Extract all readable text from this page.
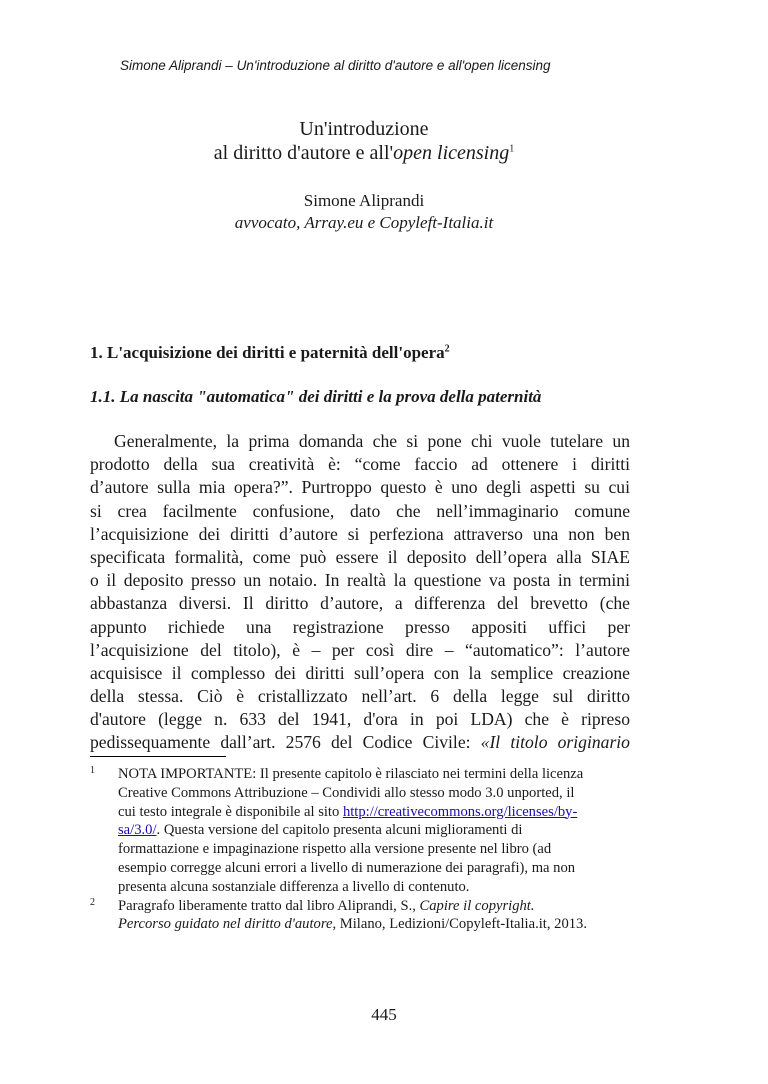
Simone Aliprandi – Un'introduzione al diritto d'autore e all'open licensing
Un'introduzione
al diritto d'autore e all'open licensing$^1$
Simone Aliprandi
avvocato, Array.eu e Copyleft-Italia.it
1. L'acquisizione dei diritti e paternità dell'opera$^2$
1.1. La nascita "automatica" dei diritti e la prova della paternità
Generalmente, la prima domanda che si pone chi vuole tutelare un
prodotto della sua creatività è: “come faccio ad ottenere i diritti
d’autore sulla mia opera?”. Purtroppo questo è uno degli aspetti su cui
si crea facilmente confusione, dato che nell’immaginario comune
l’acquisizione dei diritti d’autore si perfeziona attraverso una non ben
specificata formalità, come può essere il deposito dell’opera alla SIAE
o il deposito presso un notaio. In realtà la questione va posta in termini
abbastanza diversi. Il diritto d’autore, a differenza del brevetto (che
appunto richiede una registrazione presso appositi uffici per
l’acquisizione del titolo), è – per così dire – “automatico”: l’autore
acquisisce il complesso dei diritti sull’opera con la semplice creazione
della stessa. Ciò è cristallizzato nell’art. 6 della legge sul diritto
d'autore (legge n. 633 del 1941, d'ora in poi LDA) che è ripreso
pedissequamente dall’art. 2576 del Codice Civile: «Il titolo originario
1 NOTA IMPORTANTE: Il presente capitolo è rilasciato nei termini della licenza
Creative Commons Attribuzione – Condividi allo stesso modo 3.0 unported, il
cui testo integrale è disponibile al sito http://creativecommons.org/licenses/by-
sa/3.0/. Questa versione del capitolo presenta alcuni miglioramenti di
formattazione e impaginazione rispetto alla versione presente nel libro (ad
esempio corregge alcuni errori a livello di numerazione dei paragrafi), ma non
presenta alcuna sostanziale differenza a livello di contenuto.
2 Paragrafo liberamente tratto dal libro Aliprandi, S., Capire il copyright.
Percorso guidato nel diritto d'autore, Milano, Ledizioni/Copyleft-Italia.it, 2013.
445
